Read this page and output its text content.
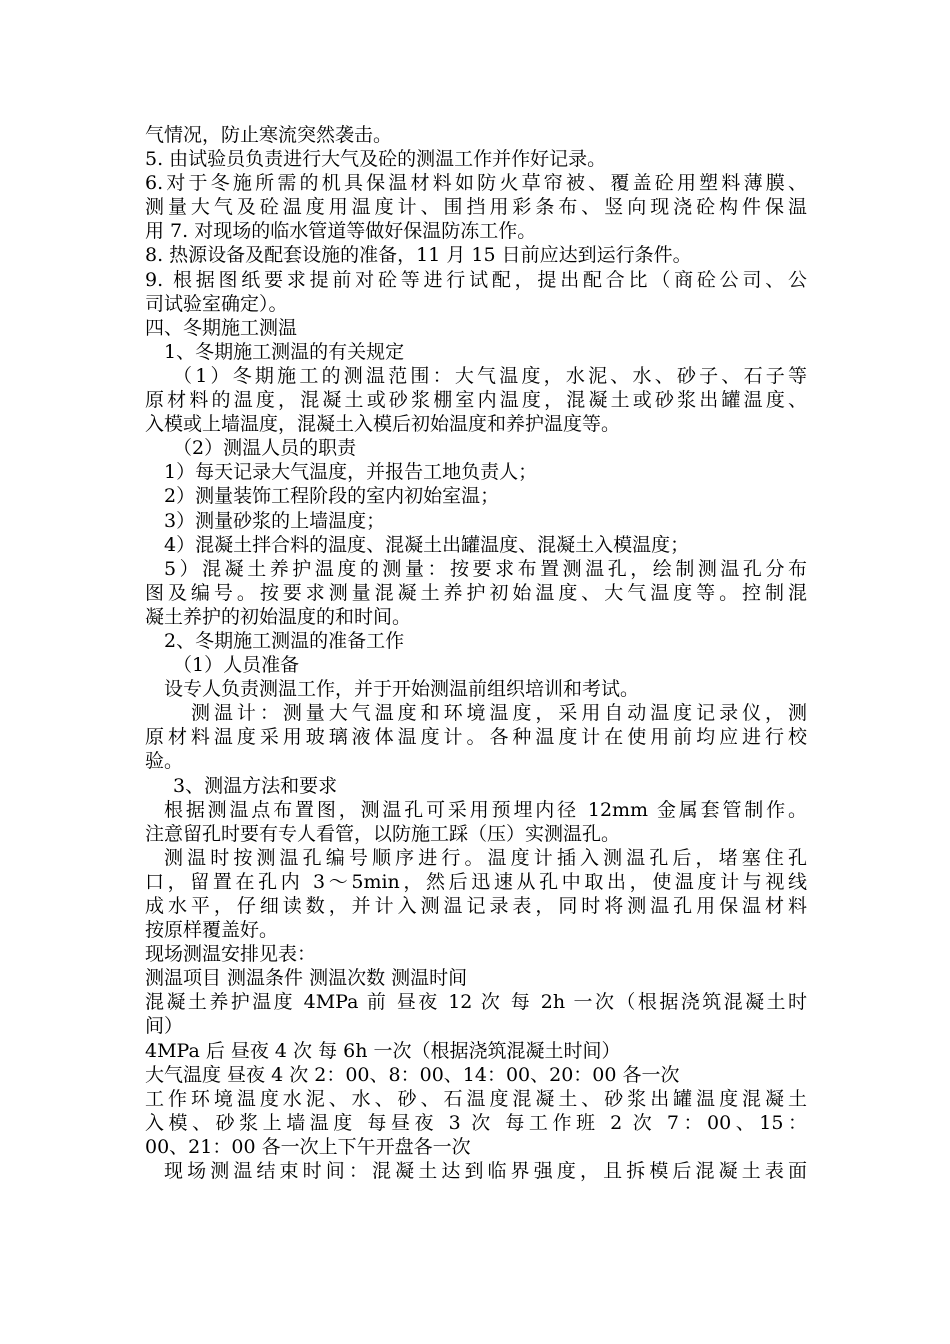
气情况，防止寒流突然袭击。
5. 由试验员负责进行大气及砼的测温工作并作好记录。
6.对于冬施所需的机具保温材料如防火草帘被、覆盖砼用塑料薄膜、
测量大气及砼温度用温度计、围挡用彩条布、竖向现浇砼构件保温
用 7. 对现场的临水管道等做好保温防冻工作。
8. 热源设备及配套设施的准备，11 月 15 日前应达到运行条件。
9. 根据图纸要求提前对砼等进行试配，提出配合比（商砼公司、公
司试验室确定）。
四、冬期施工测温
1、冬期施工测温的有关规定
（1）冬期施工的测温范围：大气温度，水泥、水、砂子、石子等
原材料的温度，混凝土或砂浆棚室内温度，混凝土或砂浆出罐温度、
入模或上墙温度，混凝土入模后初始温度和养护温度等。
（2）测温人员的职责
1）每天记录大气温度，并报告工地负责人；
2）测量装饰工程阶段的室内初始室温；
3）测量砂浆的上墙温度；
4）混凝土拌合料的温度、混凝土出罐温度、混凝土入模温度；
5）混凝土养护温度的测量：按要求布置测温孔，绘制测温孔分布
图及编号。按要求测量混凝土养护初始温度、大气温度等。控制混
凝土养护的初始温度的和时间。
2、冬期施工测温的准备工作
（1）人员准备
设专人负责测温工作，并于开始测温前组织培训和考试。
测温计：测量大气温度和环境温度，采用自动温度记录仪，测
原材料温度采用玻璃液体温度计。各种温度计在使用前均应进行校
验。
3、测温方法和要求
根据测温点布置图，测温孔可采用预埋内径 12mm 金属套管制作。
注意留孔时要有专人看管，以防施工踩（压）实测温孔。
测温时按测温孔编号顺序进行。温度计插入测温孔后，堵塞住孔
口，留置在孔内 3～5min，然后迅速从孔中取出，使温度计与视线
成水平，仔细读数，并计入测温记录表，同时将测温孔用保温材料
按原样覆盖好。
现场测温安排见表：
测温项目 测温条件 测温次数 测温时间
混凝土养护温度 4MPa 前 昼夜 12 次 每 2h 一次（根据浇筑混凝土时
间）
4MPa 后 昼夜 4 次 每 6h 一次（根据浇筑混凝土时间）
大气温度 昼夜 4 次 2：00、8：00、14：00、20：00 各一次
工作环境温度水泥、水、砂、石温度混凝土、砂浆出罐温度混凝土
入模、砂浆上墙温度 每昼夜 3 次 每工作班 2 次 7：00、15：
00、21：00 各一次上下午开盘各一次
现场测温结束时间：混凝土达到临界强度，且拆模后混凝土表面
